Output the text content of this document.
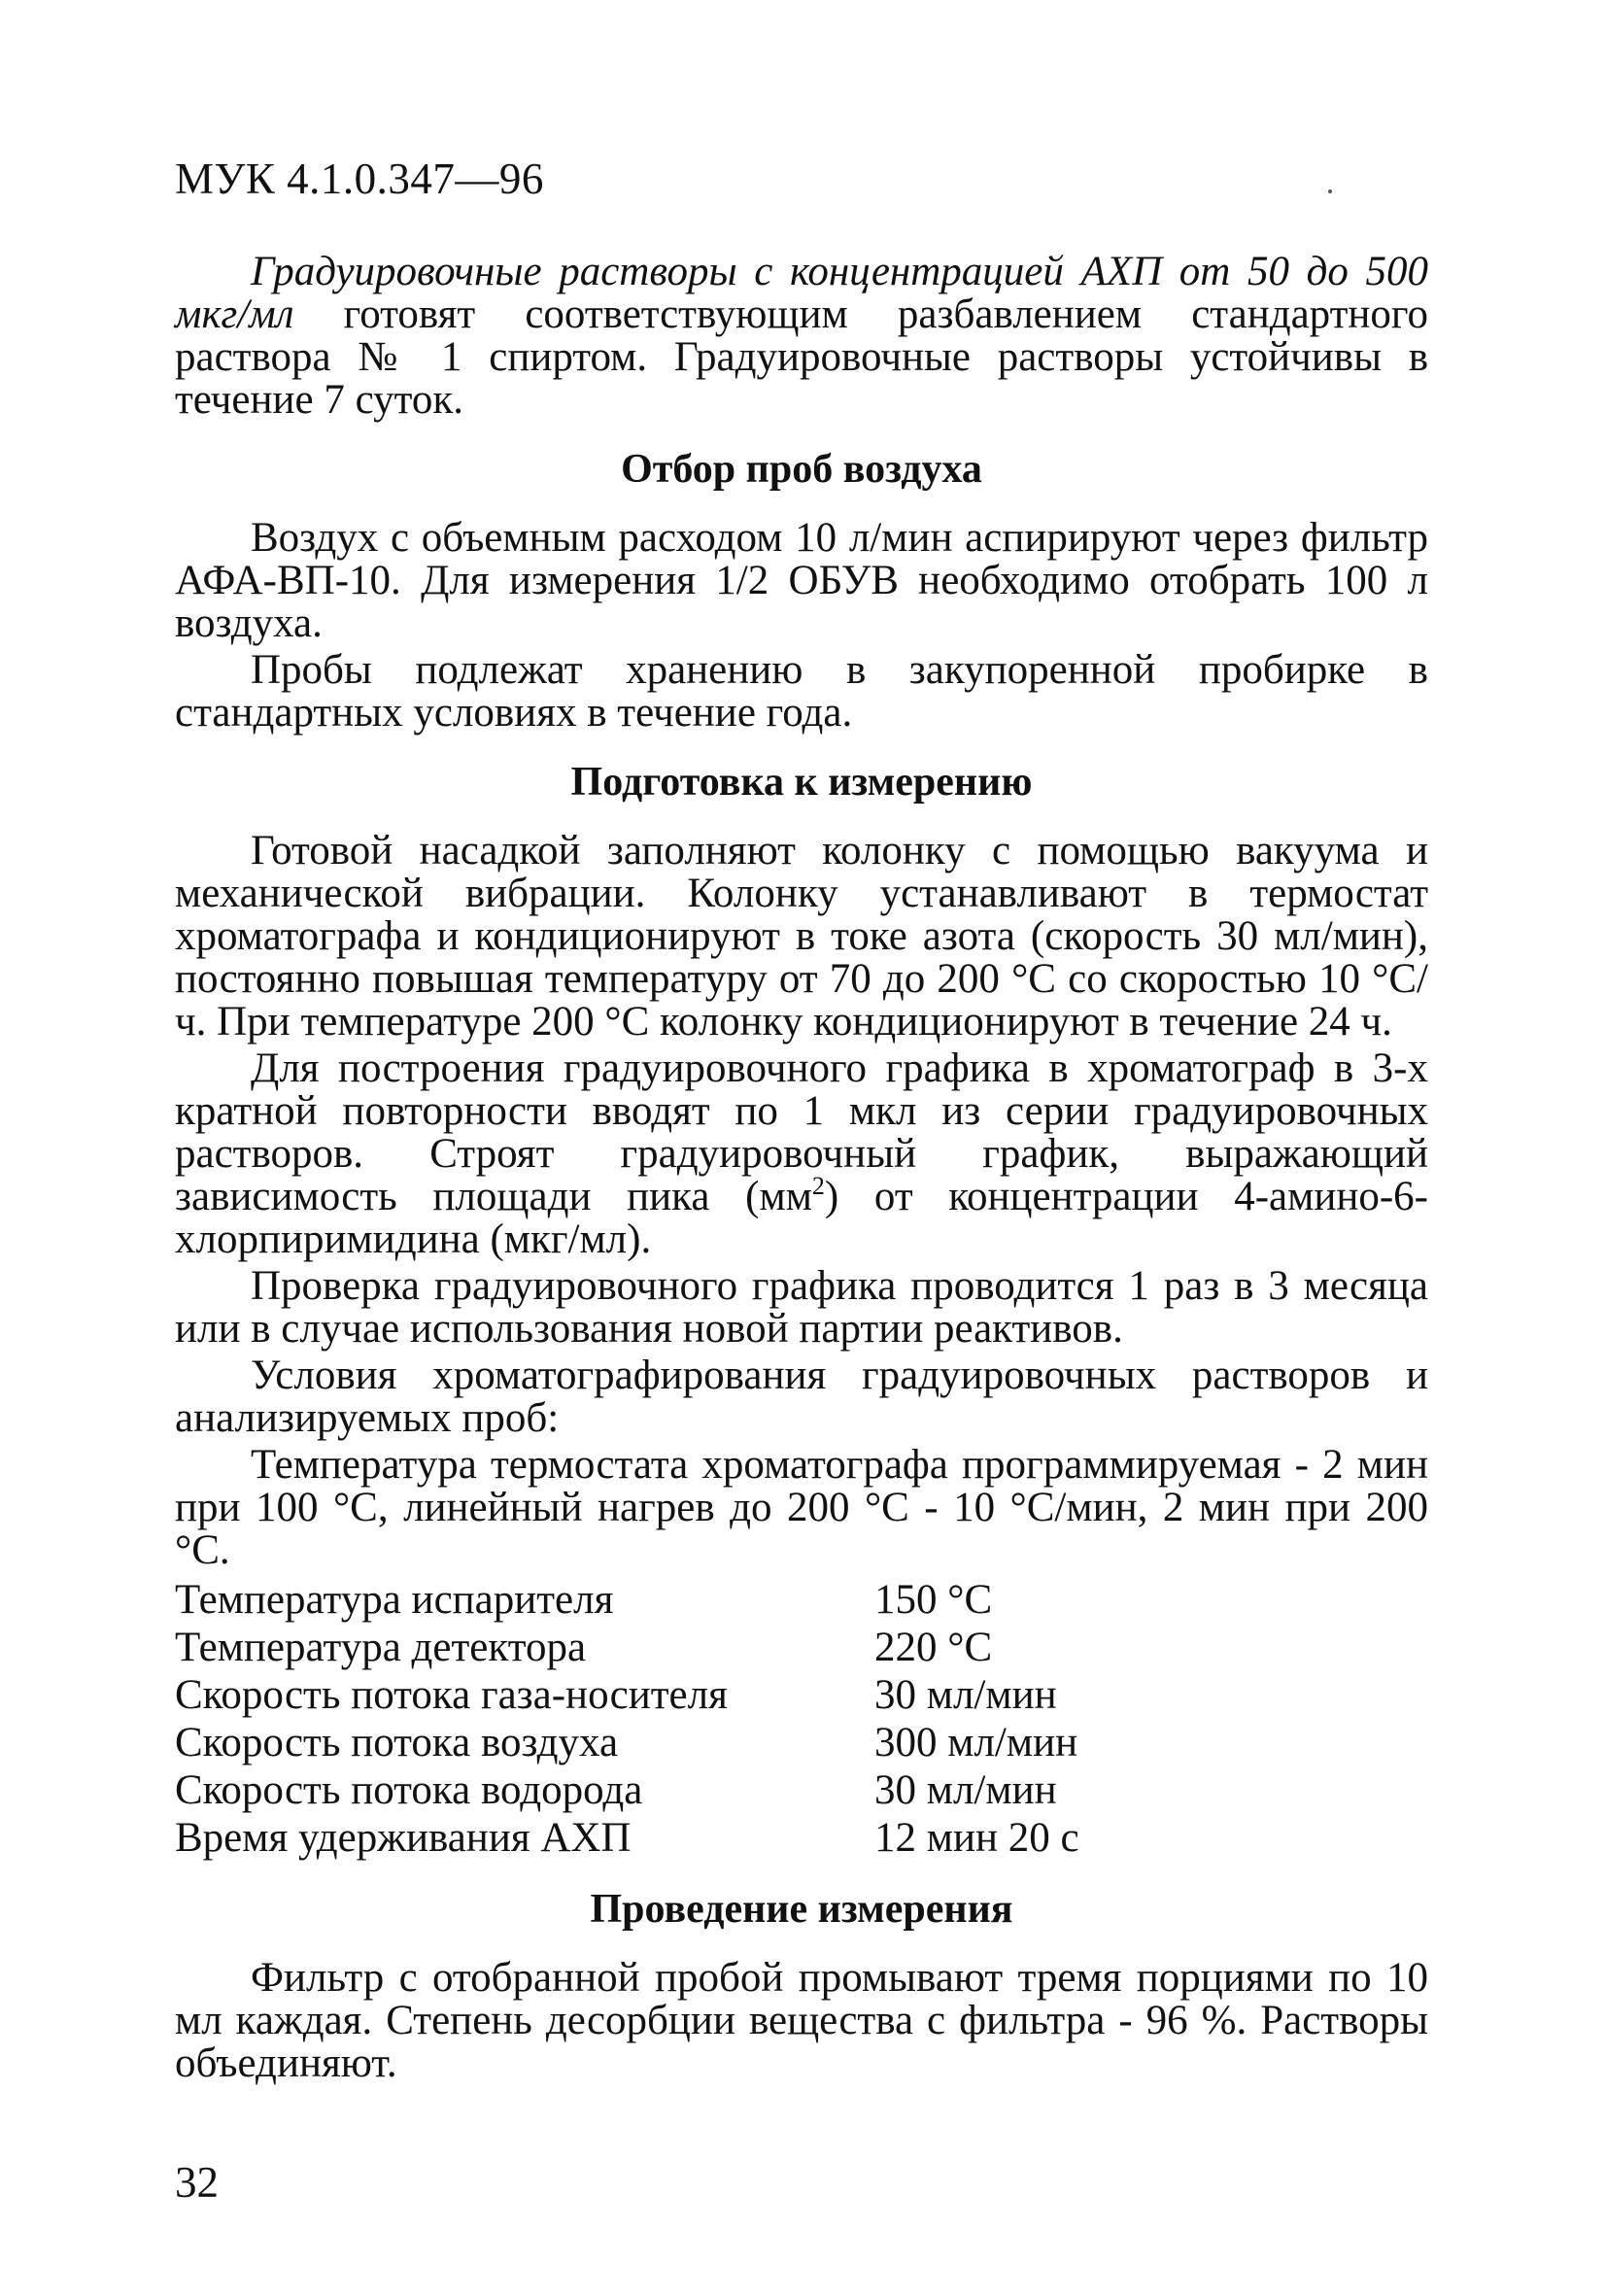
МУК 4.1.0.347—96

Градуировочные растворы с концентрацией АХП от 50 до 500 мкг/мл готовят соответствующим разбавлением стандартного раствора № 1 спиртом. Градуировочные растворы устойчивы в течение 7 суток.

Отбор проб воздуха

Воздух с объемным расходом 10 л/мин аспирируют через фильтр АФА-ВП-10. Для измерения 1/2 ОБУВ необходимо отобрать 100 л воздуха.

Пробы подлежат хранению в закупоренной пробирке в стандартных условиях в течение года.

Подготовка к измерению

Готовой насадкой заполняют колонку с помощью вакуума и механической вибрации. Колонку устанавливают в термостат хроматографа и кондиционируют в токе азота (скорость 30 мл/мин), постоянно повышая температуру от 70 до 200 °С со скоростью 10 °С/ч. При температуре 200 °С колонку кондиционируют в течение 24 ч.

Для построения градуировочного графика в хроматограф в 3-х кратной повторности вводят по 1 мкл из серии градуировочных растворов. Строят градуировочный график, выражающий зависимость площади пика $(мм^2)$ от концентрации 4-амино-6-хлорпиримидина (мкг/мл).

Проверка градуировочного графика проводится 1 раз в 3 месяца или в случае использования новой партии реактивов.

Условия хроматографирования градуировочных растворов и анализируемых проб:

Температура термостата хроматографа программируемая - 2 мин при 100 °С, линейный нагрев до 200 °С - 10 °С/мин, 2 мин при 200 °С.

Температура испарителя	150 °С
Температура детектора	220 °С
Скорость потока газа-носителя	30 мл/мин
Скорость потока воздуха	300 мл/мин
Скорость потока водорода	30 мл/мин
Время удерживания АХП	12 мин 20 с
Проведение измерения

Фильтр с отобранной пробой промывают тремя порциями по 10 мл каждая. Степень десорбции вещества с фильтра - 96 %. Растворы объединяют.

32
